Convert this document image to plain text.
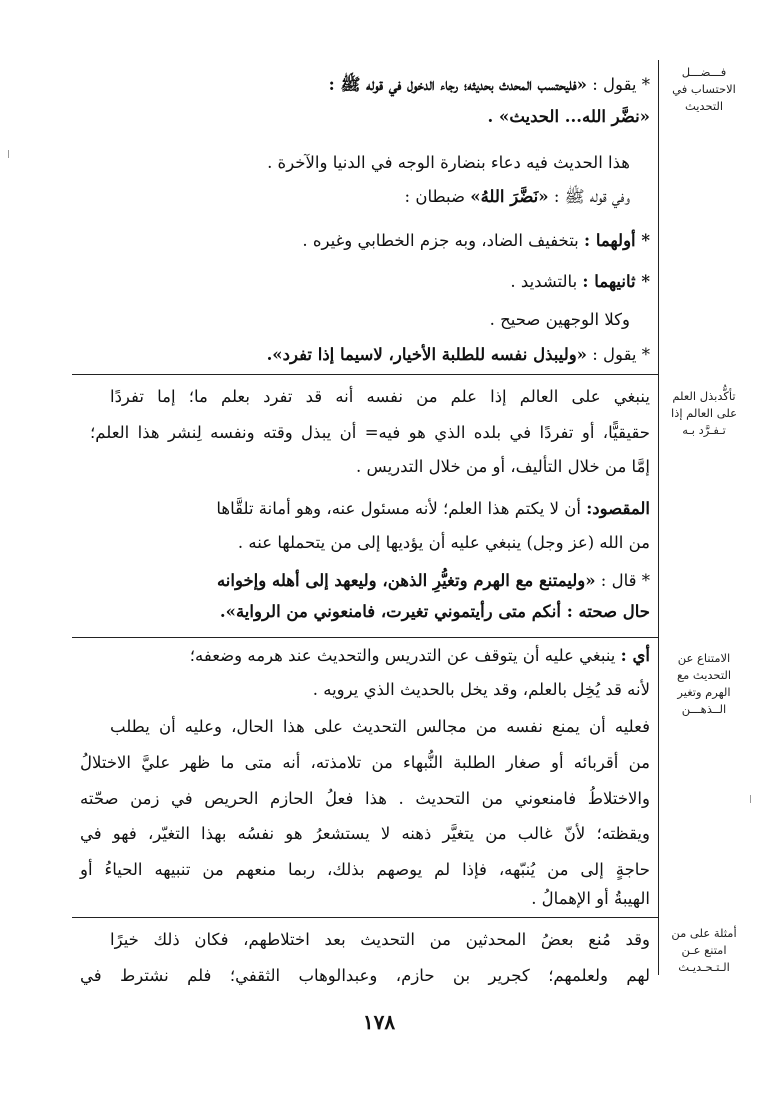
فـــضـــل الاحتساب في التحديث
تأكُّدبذل العلم على العالم إذا تـفـرَّد بـه
الامتناع عن التحديث مع الهرم وتغير الــذهـــن
أمثلة على من امتنع عـن الـتـحـديـث
* يقول : «فليحتسب المحدث بحديثه؛ رجاء الدخول في قوله ﷺ :
«نضَّر الله... الحديث» .
هذا الحديث فيه دعاء بنضارة الوجه في الدنيا والآخرة .
وفي قوله ﷺ : «نَضَّرَ اللهُ» ضبطان :
* أولهما : بتخفيف الضاد، وبه جزم الخطابي وغيره .
* ثانيهما : بالتشديد .
وكلا الوجهين صحيح .
* يقول : «وليبذل نفسه للطلبة الأخيار، لاسيما إذا تفرد».
ينبغي على العالم إذا علم من نفسه أنه قد تفرد بعلم ما؛ إما تفردًا
حقيقيًّا، أو تفردًا في بلده الذي هو فيه= أن يبذل وقته ونفسه لِنشر هذا العلم؛
إمَّا من خلال التأليف، أو من خلال التدريس .
المقصود: أن لا يكتم هذا العلم؛ لأنه مسئول عنه، وهو أمانة تلقَّاها
من الله (عز وجل) ينبغي عليه أن يؤديها إلى من يتحملها عنه .
* قال : «وليمتنع مع الهرم وتغيُّرِ الذهن، وليعهد إلى أهله وإخوانه
حال صحته : أنكم متى رأيتموني تغيرت، فامنعوني من الرواية».
أي : ينبغي عليه أن يتوقف عن التدريس والتحديث عند هرمه وضعفه؛
لأنه قد يُخِل بالعلم، وقد يخل بالحديث الذي يرويه .
فعليه أن يمنع نفسه من مجالس التحديث على هذا الحال، وعليه أن يطلب
من أقربائه أو صغار الطلبة النُّبهاء من تلامذته، أنه متى ما ظهر عليَّ الاختلالُ
والاختلاطُ فامنعوني من التحديث . هذا فعلُ الحازم الحريص في زمن صحّته
ويقظته؛ لأنّ غالب من يتغيَّر ذهنه لا يستشعرُ هو نفسُه بهذا التغيّر، فهو في
حاجةٍ إلى من يُنبّهه، فإذا لم يوصهم بذلك، ربما منعهم من تنبيهه الحياءُ أو
الهيبةُ أو الإهمالُ .
وقد مُنع بعضُ المحدثين من التحديث بعد اختلاطهم، فكان ذلك خيرًا
لهم ولعلمهم؛ كجرير بن حازم، وعبدالوهاب الثقفي؛ فلم نشترط في
١٧٨
